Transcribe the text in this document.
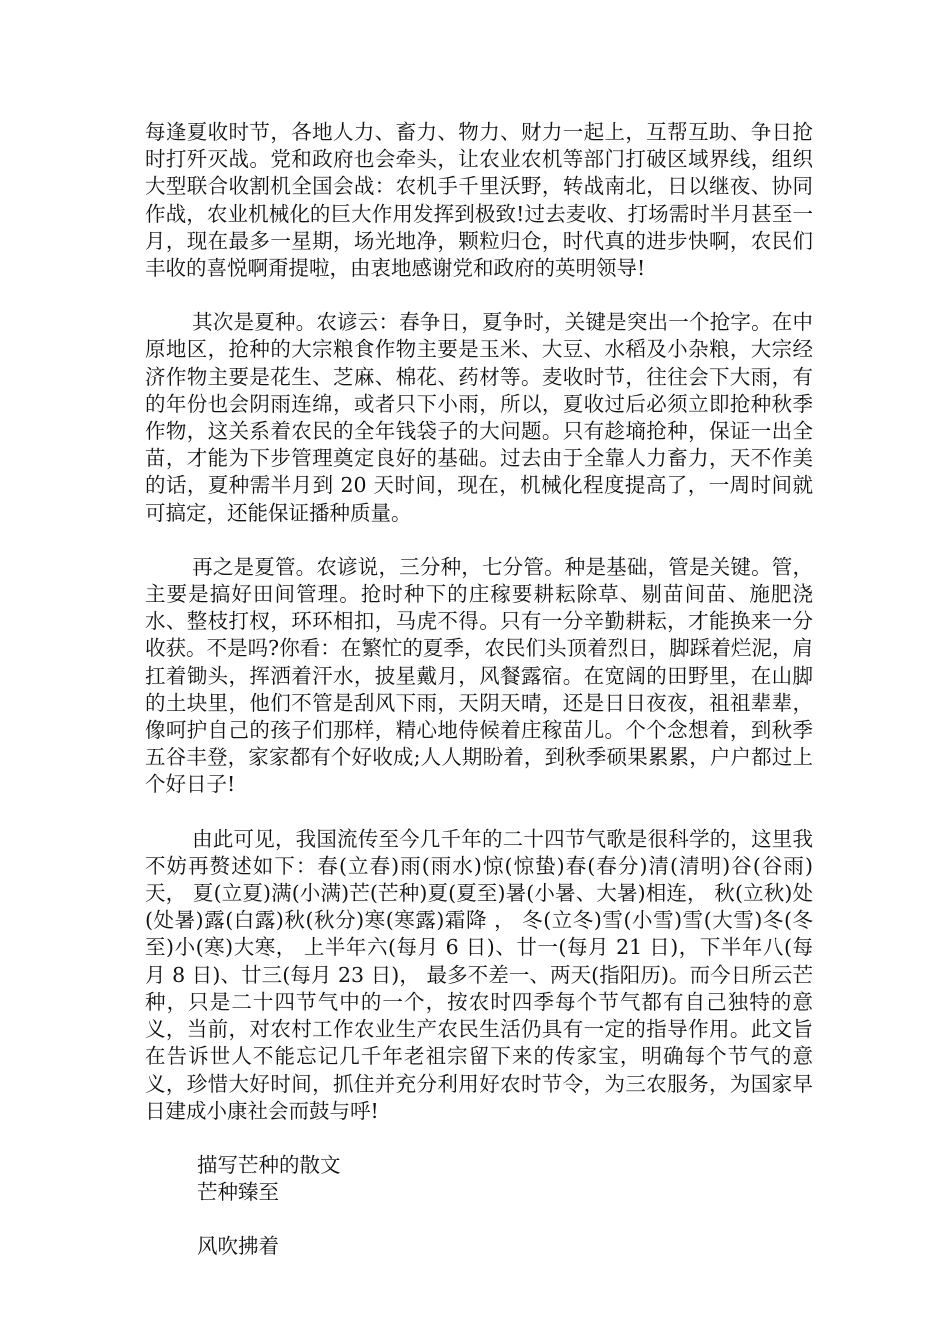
每逢夏收时节，各地人力、畜力、物力、财力一起上，互帮互助、争日抢时打歼灭战。党和政府也会牵头，让农业农机等部门打破区域界线，组织大型联合收割机全国会战：农机手千里沃野，转战南北，日以继夜、协同作战，农业机械化的巨大作用发挥到极致!过去麦收、打场需时半月甚至一月，现在最多一星期，场光地净，颗粒归仓，时代真的进步快啊，农民们丰收的喜悦啊甭提啦，由衷地感谢党和政府的英明领导!

其次是夏种。农谚云：春争日，夏争时，关键是突出一个抢字。在中原地区，抢种的大宗粮食作物主要是玉米、大豆、水稻及小杂粮，大宗经济作物主要是花生、芝麻、棉花、药材等。麦收时节，往往会下大雨，有的年份也会阴雨连绵，或者只下小雨，所以，夏收过后必须立即抢种秋季作物，这关系着农民的全年钱袋子的大问题。只有趁墒抢种，保证一出全苗，才能为下步管理奠定良好的基础。过去由于全靠人力畜力，天不作美 的话，夏种需半月到 20 天时间，现在，机械化程度提高了，一周时间就可搞定，还能保证播种质量。

再之是夏管。农谚说，三分种，七分管。种是基础，管是关键。管，主要是搞好田间管理。抢时种下的庄稼要耕耘除草、剔苗间苗、施肥浇水、整枝打杈，环环相扣，马虎不得。只有一分辛勤耕耘，才能换来一分收获。不是吗?你看：在繁忙的夏季，农民们头顶着烈日，脚踩着烂泥，肩扛着锄头，挥洒着汗水，披星戴月，风餐露宿。在宽阔的田野里，在山脚的土块里，他们不管是刮风下雨，天阴天晴，还是日日夜夜，祖祖辈辈，像呵护自己的孩子们那样，精心地侍候着庄稼苗儿。个个念想着，到秋季五谷丰登，家家都有个好收成;人人期盼着，到秋季硕果累累，户户都过上个好日子!

由此可见，我国流传至今几千年的二十四节气歌是很科学的，这里我不妨再赘述如下：春(立春)雨(雨水)惊(惊蛰)春(春分)清(清明)谷(谷雨)天， 夏(立夏)满(小满)芒(芒种)夏(夏至)暑(小暑、大暑)相连， 秋(立秋)处(处暑)露(白露)秋(秋分)寒(寒露)霜降 ， 冬(立冬)雪(小雪)雪(大雪)冬(冬至)小(寒)大寒， 上半年六(每月 6 日)、廿一(每月 21 日)，下半年八(每月 8 日)、廿三(每月 23 日)， 最多不差一、两天(指阳历)。而今日所云芒种，只是二十四节气中的一个，按农时四季每个节气都有自己独特的意义，当前，对农村工作农业生产农民生活仍具有一定的指导作用。此文旨在告诉世人不能忘记几千年老祖宗留下来的传家宝，明确每个节气的意义，珍惜大好时间，抓住并充分利用好农时节令，为三农服务，为国家早日建成小康社会而鼓与呼!

描写芒种的散文

芒种臻至

风吹拂着
